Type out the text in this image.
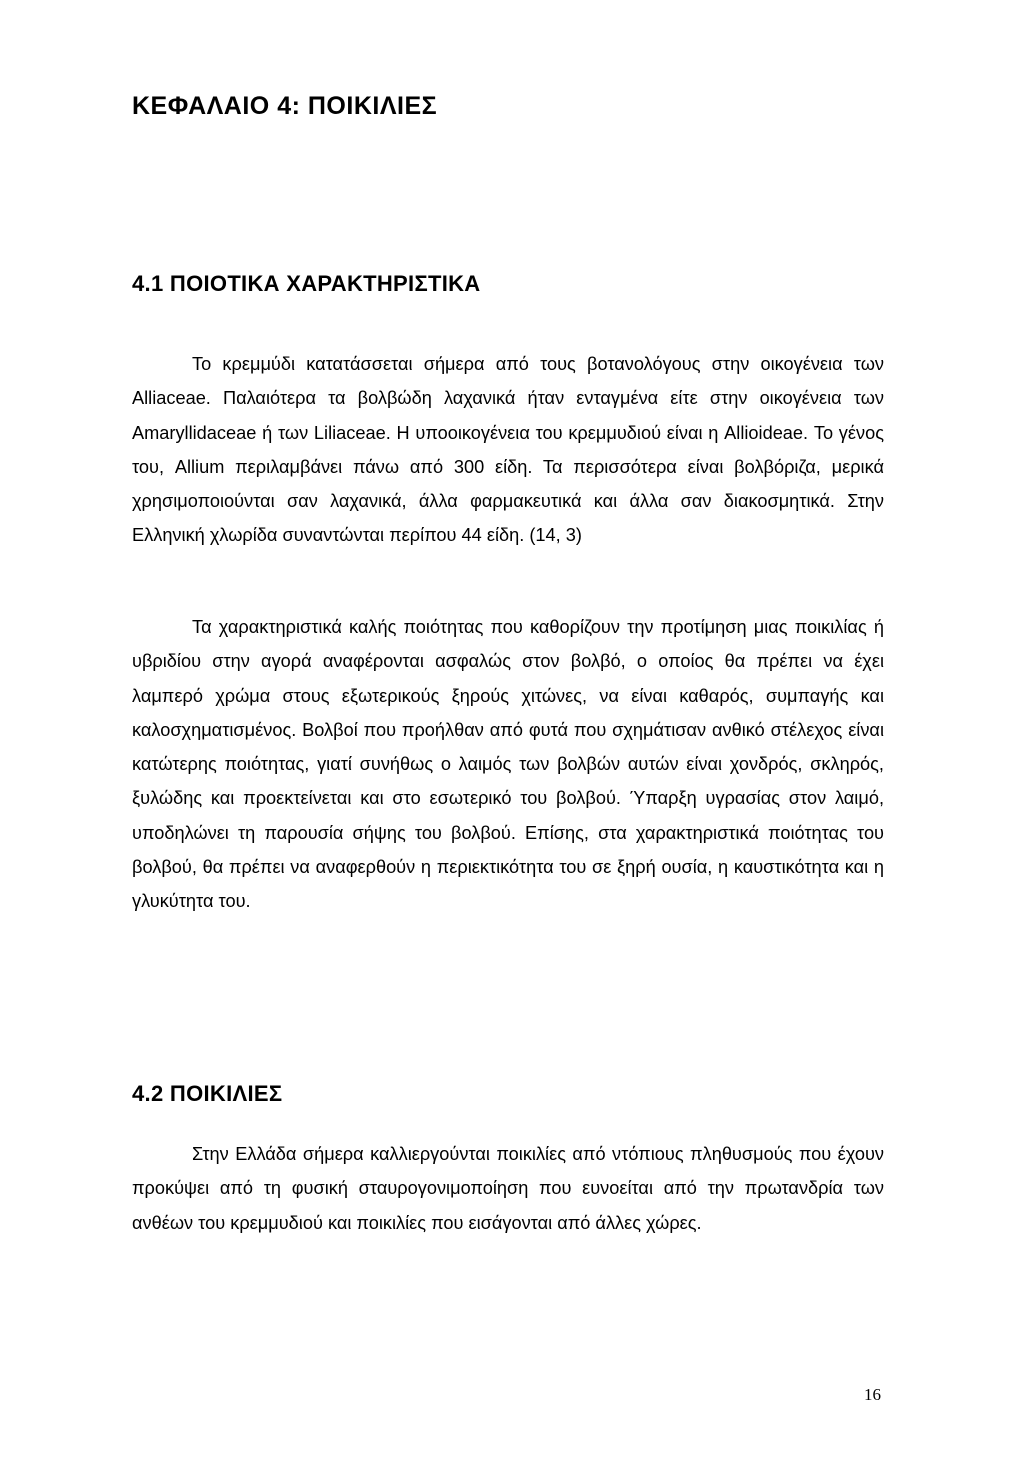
ΚΕΦΑΛΑΙΟ 4: ΠΟΙΚΙΛΙΕΣ
4.1 ΠΟΙΟΤΙΚΑ ΧΑΡΑΚΤΗΡΙΣΤΙΚΑ

Το κρεμμύδι κατατάσσεται σήμερα από τους βοτανολόγους στην οικογένεια των Alliaceae. Παλαιότερα τα βολβώδη λαχανικά ήταν ενταγμένα είτε στην οικογένεια των Amaryllidaceae ή των Liliaceae. Η υποοικογένεια του κρεμμυδιού είναι η Allioideae. Το γένος του, Allium περιλαμβάνει πάνω από 300 είδη. Τα περισσότερα είναι βολβόριζα, μερικά χρησιμοποιούνται σαν λαχανικά, άλλα φαρμακευτικά και άλλα σαν διακοσμητικά. Στην Ελληνική χλωρίδα συναντώνται περίπου 44 είδη. (14, 3)

Τα χαρακτηριστικά καλής ποιότητας που καθορίζουν την προτίμηση μιας ποικιλίας ή υβριδίου στην αγορά αναφέρονται ασφαλώς στον βολβό, ο οποίος θα πρέπει να έχει λαμπερό χρώμα στους εξωτερικούς ξηρούς χιτώνες, να είναι καθαρός, συμπαγής και καλοσχηματισμένος. Βολβοί που προήλθαν από φυτά που σχημάτισαν ανθικό στέλεχος είναι κατώτερης ποιότητας, γιατί συνήθως ο λαιμός των βολβών αυτών είναι χονδρός, σκληρός, ξυλώδης και προεκτείνεται και στο εσωτερικό του βολβού. Ύπαρξη υγρασίας στον λαιμό, υποδηλώνει τη παρουσία σήψης του βολβού. Επίσης, στα χαρακτηριστικά ποιότητας του βολβού, θα πρέπει να αναφερθούν η περιεκτικότητα του σε ξηρή ουσία, η καυστικότητα και η γλυκύτητα του.

4.2 ΠΟΙΚΙΛΙΕΣ

Στην Ελλάδα σήμερα καλλιεργούνται ποικιλίες από ντόπιους πληθυσμούς που έχουν προκύψει από τη φυσική σταυρογονιμοποίηση που ευνοείται από την πρωτανδρία των ανθέων του κρεμμυδιού και ποικιλίες που εισάγονται από άλλες χώρες.

16
